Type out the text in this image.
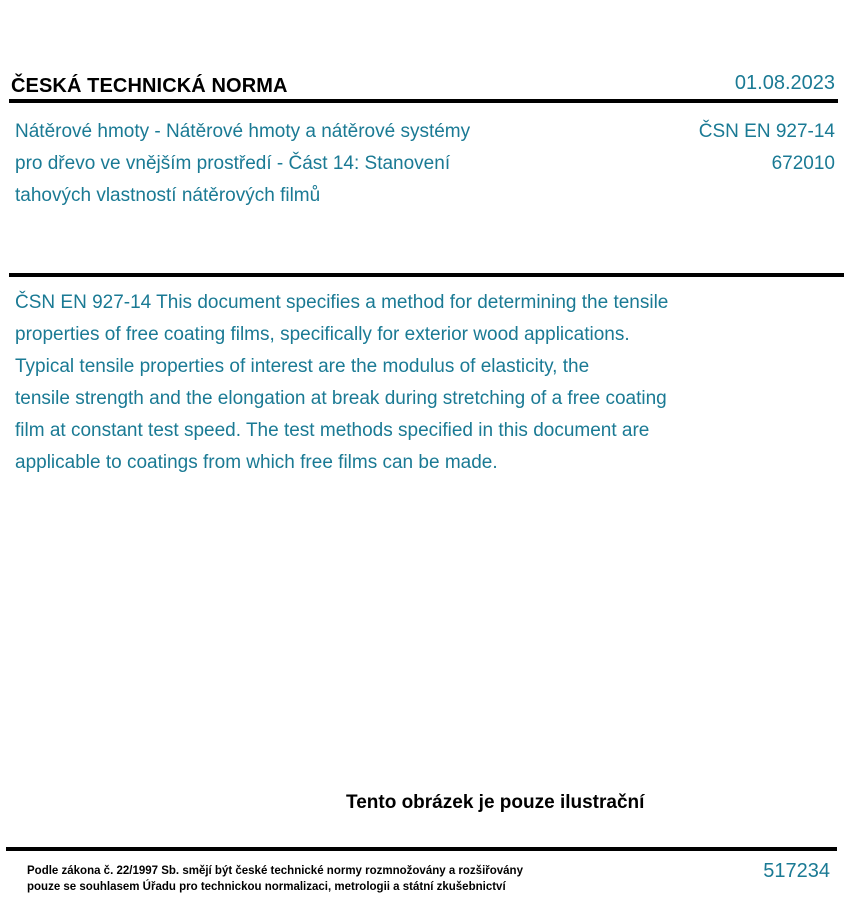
ČESKÁ TECHNICKÁ NORMA	01.08.2023
Nátěrové hmoty - Nátěrové hmoty a nátěrové systémy
pro dřevo ve vnějším prostředí - Část 14: Stanovení
tahových vlastností nátěrových filmů
ČSN EN 927-14
672010
ČSN EN 927-14 This document specifies a method for determining the tensile
properties of free coating films, specifically for exterior wood applications.
Typical tensile properties of interest are the modulus of elasticity, the
tensile strength and the elongation at break during stretching of a free coating
film at constant test speed. The test methods specified in this document are
applicable to coatings from which free films can be made.
Tento obrázek je pouze ilustrační
Podle zákona č. 22/1997 Sb. smějí být české technické normy rozmnožovány a rozšiřovány
pouze se souhlasem Úřadu pro technickou normalizaci, metrologii a státní zkušebnictví
517234
